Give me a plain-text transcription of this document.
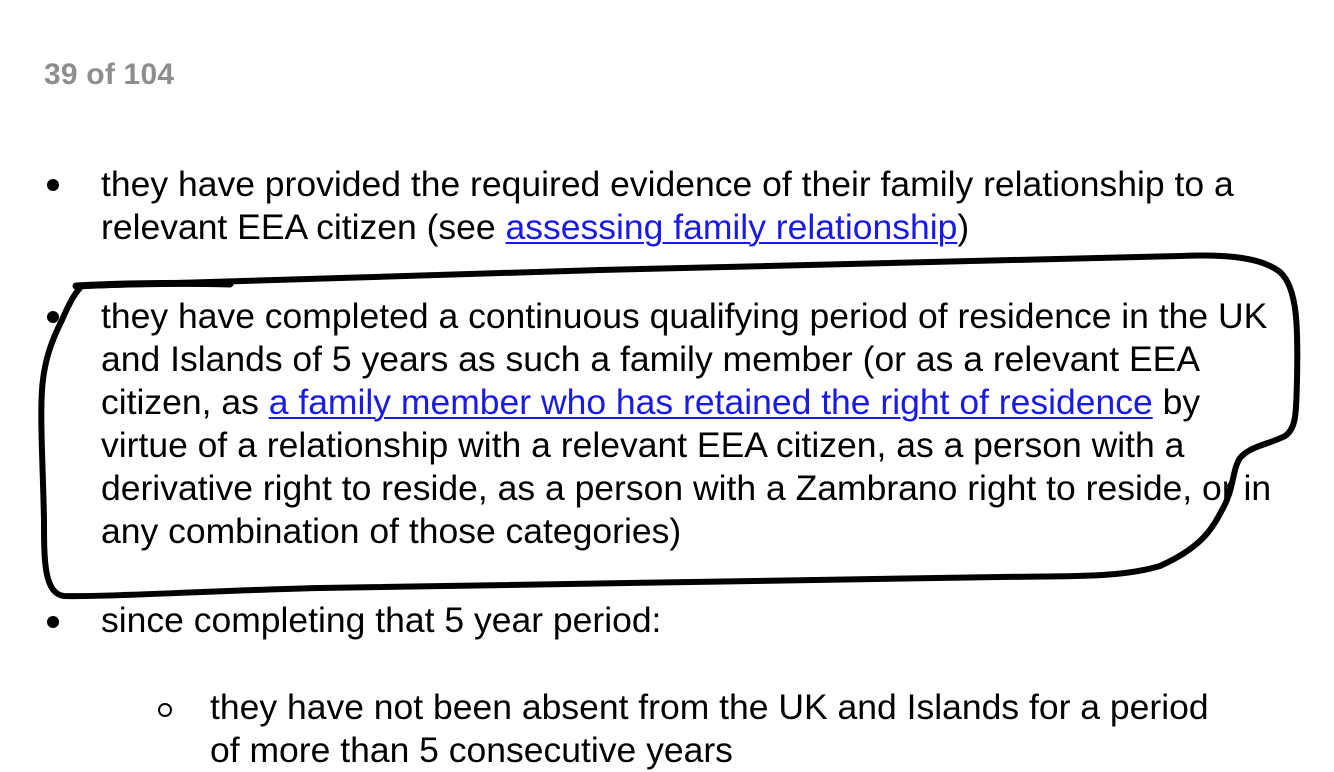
39 of 104
they have provided the required evidence of their family relationship to a relevant EEA citizen (see assessing family relationship)
they have completed a continuous qualifying period of residence in the UK and Islands of 5 years as such a family member (or as a relevant EEA citizen, as a family member who has retained the right of residence by virtue of a relationship with a relevant EEA citizen, as a person with a derivative right to reside, as a person with a Zambrano right to reside, or in any combination of those categories)
since completing that 5 year period:
they have not been absent from the UK and Islands for a period
of more than 5 consecutive years
